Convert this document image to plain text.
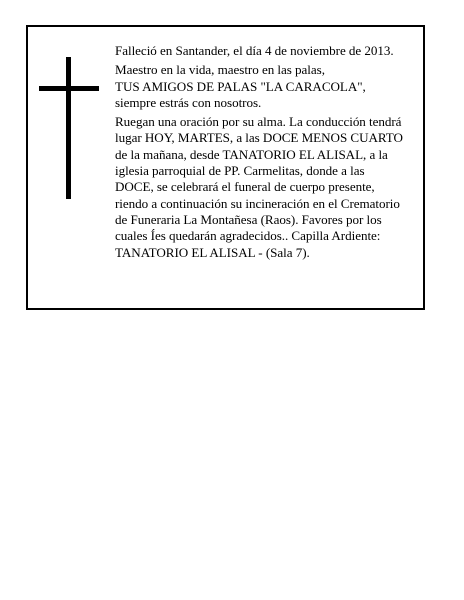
Falleció en Santander, el día 4 de noviembre de 2013.
Maestro en la vida, maestro en las palas,
TUS AMIGOS DE PALAS "LA CARACOLA",
siempre estrás con nosotros.
Ruegan una oración por su alma. La conducción tendrá
lugar HOY, MARTES, a las DOCE MENOS CUARTO
de la mañana, desde TANATORIO EL ALISAL, a la
iglesia parroquial de PP. Carmelitas, donde a las
DOCE, se celebrará el funeral de cuerpo presente,
riendo a continuación su incineración en el Crematorio
de Funeraria La Montañesa (Raos). Favores por los
cuales Íes quedarán agradecidos.. Capilla Ardiente:
TANATORIO EL ALISAL - (Sala 7).
